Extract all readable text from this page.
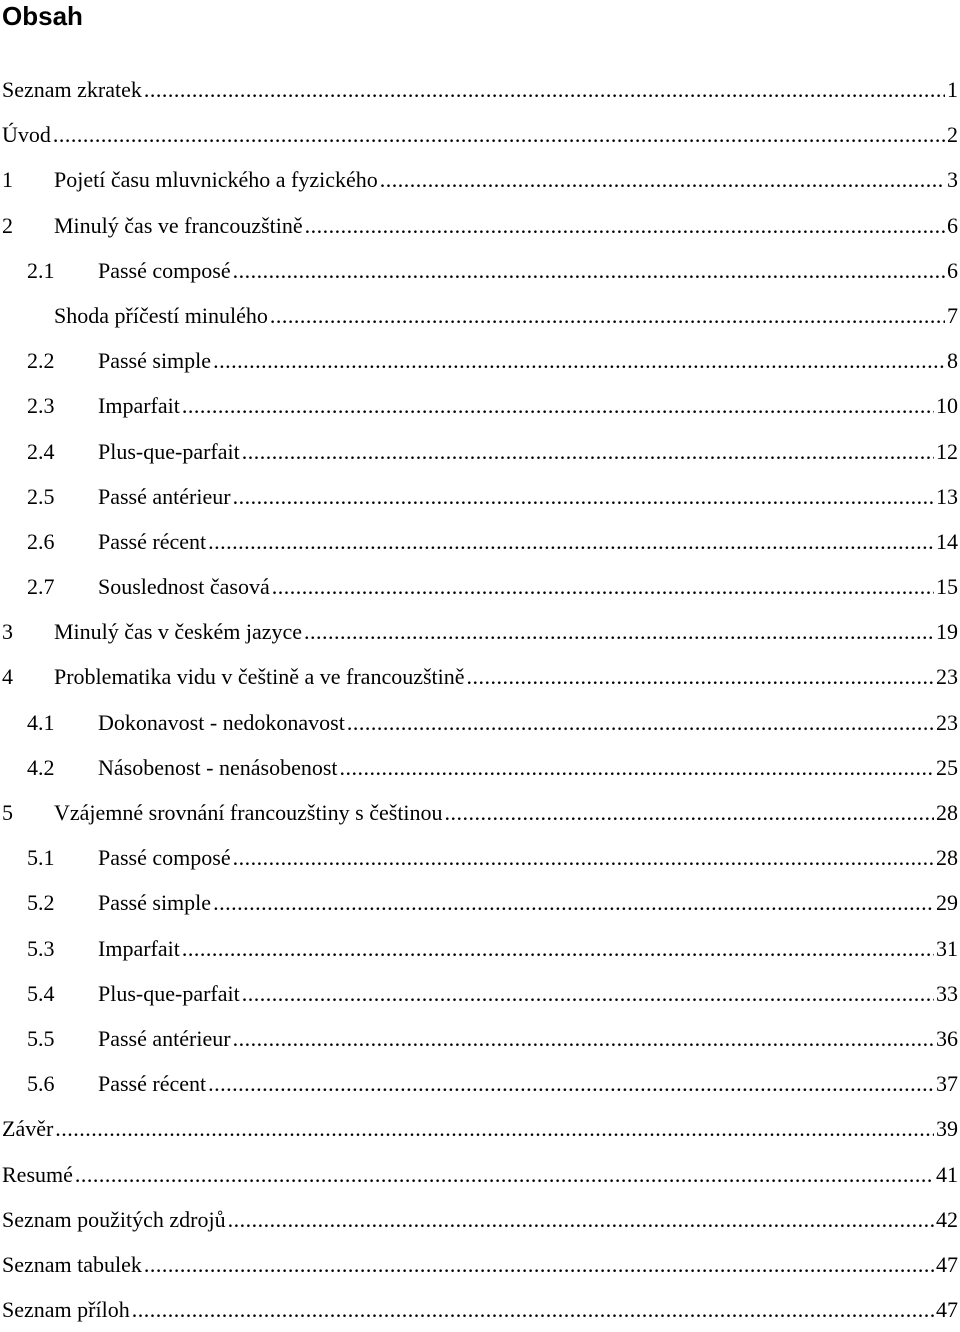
Obsah
Seznam zkratek .....	1
Úvod .....	2
1	Pojetí času mluvnického a fyzického .....	3
2	Minulý čas ve francouzštině .....	6
2.1	Passé composé .....	6
Shoda příčestí minulého .....	7
2.2	Passé simple .....	8
2.3	Imparfait .....	10
2.4	Plus-que-parfait .....	12
2.5	Passé antérieur .....	13
2.6	Passé récent .....	14
2.7	Souslednost časová .....	15
3	Minulý čas v českém jazyce .....	19
4	Problematika vidu v češtině a ve francouzštině .....	23
4.1	Dokonavost - nedokonavost .....	23
4.2	Násobenost - nenásobenost .....	25
5	Vzájemné srovnání francouzštiny s češtinou .....	28
5.1	Passé composé .....	28
5.2	Passé simple .....	29
5.3	Imparfait .....	31
5.4	Plus-que-parfait .....	33
5.5	Passé antérieur .....	36
5.6	Passé récent .....	37
Závěr .....	39
Resumé .....	41
Seznam použitých zdrojů .....	42
Seznam tabulek .....	47
Seznam příloh .....	47
